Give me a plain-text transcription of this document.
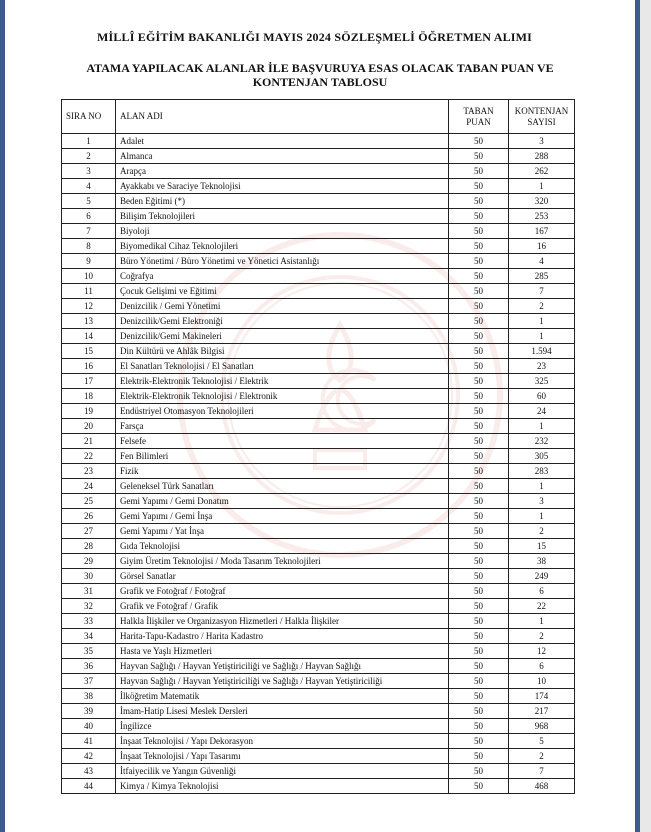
MİLLÎ EĞİTİM BAKANLIĞI MAYIS 2024 SÖZLEŞMELİ ÖĞRETMEN ALIMI
ATAMA YAPILACAK ALANLAR İLE BAŞVURUYA ESAS OLACAK TABAN PUAN VE KONTENJAN TABLOSU
SIRA NO	ALAN ADI	TABAN PUAN	KONTENJAN SAYISI
1	Adalet	50	3
2	Almanca	50	288
3	Arapça	50	262
4	Ayakkabı ve Saraciye Teknolojisi	50	1
5	Beden Eğitimi (*)	50	320
6	Bilişim Teknolojileri	50	253
7	Biyoloji	50	167
8	Biyomedikal Cihaz Teknolojileri	50	16
9	Büro Yönetimi / Büro Yönetimi ve Yönetici Asistanlığı	50	4
10	Coğrafya	50	285
11	Çocuk Gelişimi ve Eğitimi	50	7
12	Denizcilik / Gemi Yönetimi	50	2
13	Denizcilik/Gemi Elektroniği	50	1
14	Denizcilik/Gemi Makineleri	50	1
15	Din Kültürü ve Ahlâk Bilgisi	50	1.594
16	El Sanatları Teknolojisi / El Sanatları	50	23
17	Elektrik-Elektronik Teknolojisi / Elektrik	50	325
18	Elektrik-Elektronik Teknolojisi / Elektronik	50	60
19	Endüstriyel Otomasyon Teknolojileri	50	24
20	Farsça	50	1
21	Felsefe	50	232
22	Fen Bilimleri	50	305
23	Fizik	50	283
24	Geleneksel Türk Sanatları	50	1
25	Gemi Yapımı / Gemi Donatım	50	3
26	Gemi Yapımı / Gemi İnşa	50	1
27	Gemi Yapımı / Yat İnşa	50	2
28	Gıda Teknolojisi	50	15
29	Giyim Üretim Teknolojisi / Moda Tasarım Teknolojileri	50	38
30	Görsel Sanatlar	50	249
31	Grafik ve Fotoğraf / Fotoğraf	50	6
32	Grafik ve Fotoğraf / Grafik	50	22
33	Halkla İlişkiler ve Organizasyon Hizmetleri / Halkla İlişkiler	50	1
34	Harita-Tapu-Kadastro / Harita Kadastro	50	2
35	Hasta ve Yaşlı Hizmetleri	50	12
36	Hayvan Sağlığı / Hayvan Yetiştiriciliği ve Sağlığı / Hayvan Sağlığı	50	6
37	Hayvan Sağlığı / Hayvan Yetiştiriciliği ve Sağlığı / Hayvan Yetiştiriciliği	50	10
38	İlköğretim Matematik	50	174
39	İmam-Hatip Lisesi Meslek Dersleri	50	217
40	İngilizce	50	968
41	İnşaat Teknolojisi / Yapı Dekorasyon	50	5
42	İnşaat Teknolojisi / Yapı Tasarımı	50	2
43	İtfaiyecilik ve Yangın Güvenliği	50	7
44	Kimya / Kimya Teknolojisi	50	468
